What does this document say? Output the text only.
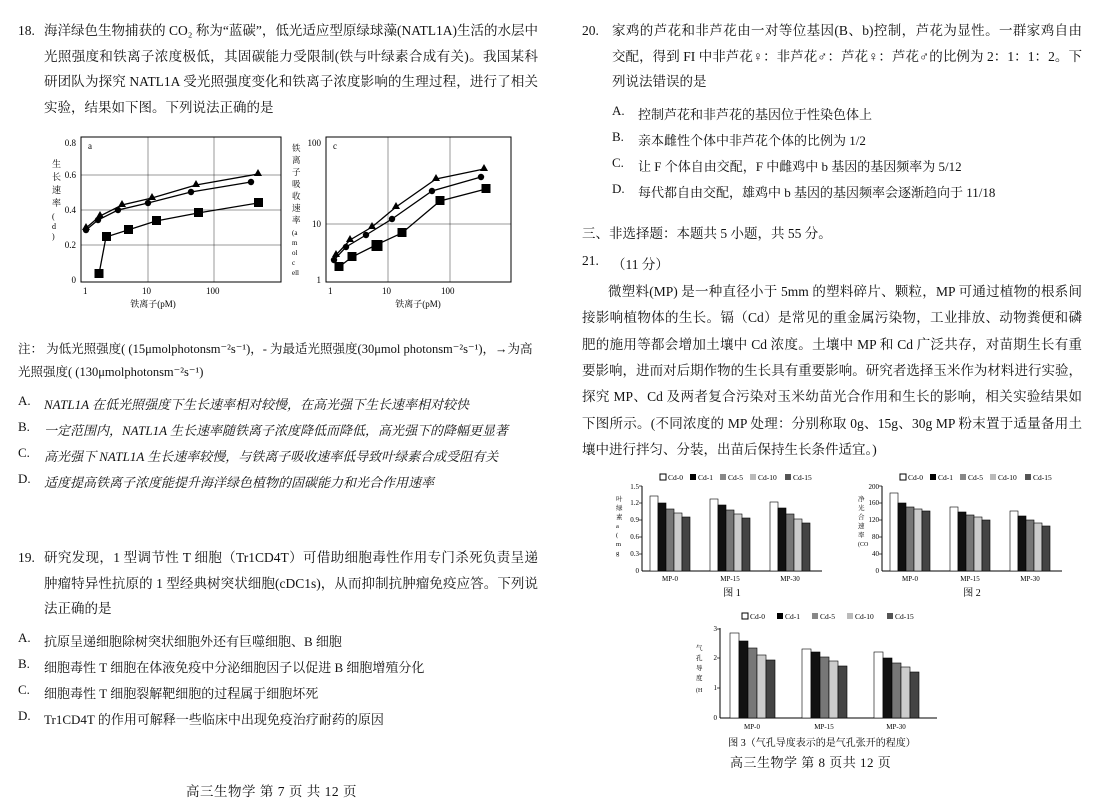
18. 海洋绿色生物捕获的 CO₂ 称为“蓝碳”，低光适应型原绿球藻(NATL1A)生活的水层中光照强度和铁离子浓度极低，其固碳能力受限制(铁与叶绿素合成有关)。我国某科研团队为探究 NATL1A 受光照强度变化和铁离子浓度影响的生理过程，进行了相关实验，结果如下图。下列说法正确的是
0
0.2
0.4
0.6
0.8
1	10	100
铁离子(pM)
生
长
速
率
(
d
)
a
1
10
100
1	10	100
铁离子(pM)
铁
离
子
吸
收
速
率
(a
m
ol
c
ell
c
注： 为低光照强度( (15μmolphotonsm⁻²s⁻¹)，- 为最适光照强度(30μmol photonsm⁻²s⁻¹)，→为高光照强度( (130μmolphotonsm⁻²s⁻¹)
A.	NATL1A 在低光照强度下生长速率相对较慢，在高光强下生长速率相对较快
B.	一定范围内，NATL1A 生长速率随铁离子浓度降低而降低，高光强下的降幅更显著
C.	高光强下 NATL1A 生长速率较慢，与铁离子吸收速率低导致叶绿素合成受阻有关
D.	适度提高铁离子浓度能提升海洋绿色植物的固碳能力和光合作用速率
19. 研究发现，1 型调节性 T 细胞（Tr1CD4T）可借助细胞毒性作用专门杀死负责呈递肿瘤特异性抗原的 1 型经典树突状细胞(cDC1s)，从而抑制抗肿瘤免疫应答。下列说法正确的是
A.	抗原呈递细胞除树突状细胞外还有巨噬细胞、B 细胞
B.	细胞毒性 T 细胞在体液免疫中分泌细胞因子以促进 B 细胞增殖分化
C.	细胞毒性 T 细胞裂解靶细胞的过程属于细胞坏死
D.	Tr1CD4T 的作用可解释一些临床中出现免疫治疗耐药的原因
高三生物学 第 7 页 共 12 页
20. 家鸡的芦花和非芦花由一对等位基因(B、b)控制，芦花为显性。一群家鸡自由交配，得到 FI 中非芦花♀：非芦花♂：芦花♀：芦花♂的比例为 2：1：1：2。下列说法错误的是
A.	控制芦花和非芦花的基因位于性染色体上
B.	亲本雌性个体中非芦花个体的比例为 1/2
C.	让 F 个体自由交配，F 中雌鸡中 b 基因的基因频率为 5/12
D.	每代都自由交配，雄鸡中 b 基因的基因频率会逐渐趋向于 11/18
三、非选择题：本题共 5 小题，共 55 分。
21. （11 分）
微塑料(MP) 是一种直径小于 5mm 的塑料碎片、颗粒，MP 可通过植物的根系间接影响植物体的生长。镉（Cd）是常见的重金属污染物，工业排放、动物粪便和磷肥的施用等都会增加土壤中 Cd 浓度。土壤中 MP 和 Cd 广泛共存，对苗期生长有重要影响，进而对后期作物的生长具有重要影响。研究者选择玉米作为材料进行实验，探究 MP、Cd 及两者复合污染对玉米幼苗光合作用和生长的影响，相关实验结果如下图所示。(不同浓度的 MP 处理：分别称取 0g、15g、30g MP 粉末置于适量备用土壤中进行拌匀、分装，出苗后保持生长条件适宜。)
Cd-0 Cd-1 Cd-5 Cd-10 Cd-15
0
0.3
0.6
0.9
1.2
1.5
叶
绿
素
a
(
m
g
MP-0	MP-15	MP-30
图 1
Cd-0 Cd-1 Cd-5 Cd-10 Cd-15
0
40
80
120
160
200
净
光
合
速
率
(CO
MP-0	MP-15	MP-30
图 2
Cd-0	Cd-1	Cd-5	Cd-10	Cd-15
0
1
2
3
气
孔
导
度
(H
MP-0	MP-15	MP-30
图 3（气孔导度表示的是气孔张开的程度）
高三生物学 第 8 页共 12 页
